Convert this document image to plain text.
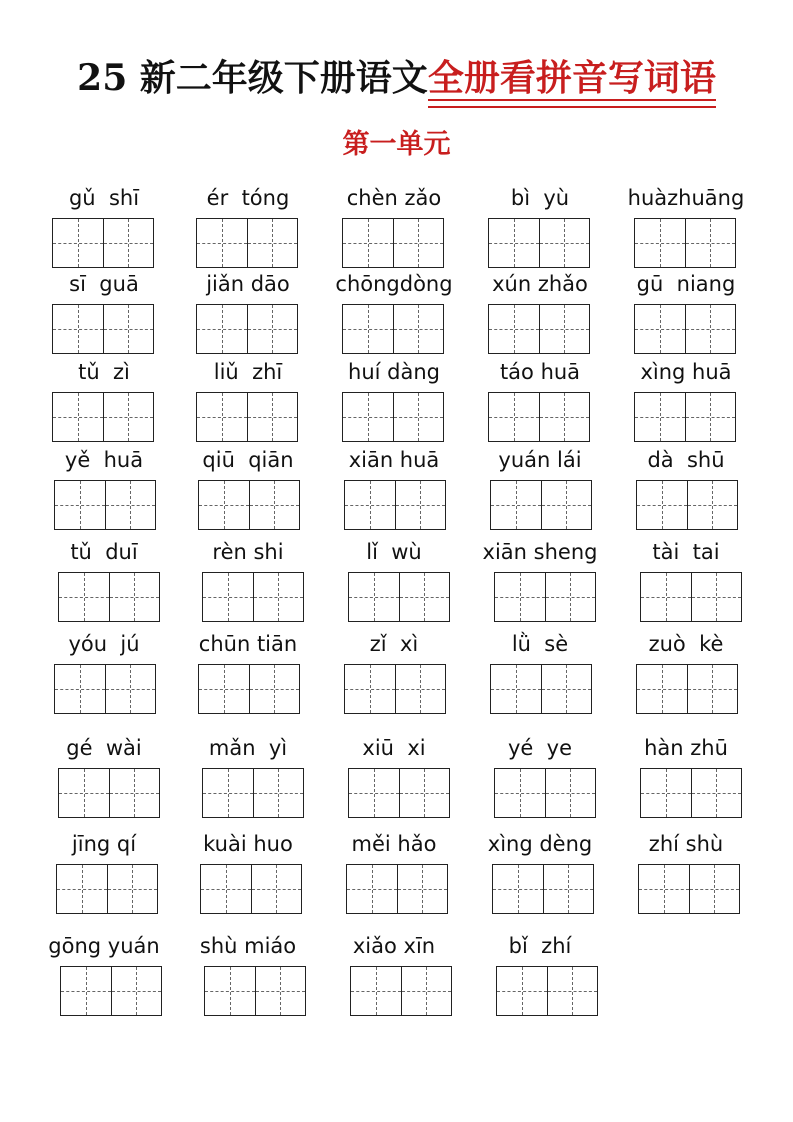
25 新二年级下册语文全册看拼音写词语
第一单元
gǔ  shī	ér  tóng	chèn zǎo	bì  yù	huàzhuāng
sī  guā	jiǎn dāo	chōngdòng	xún zhǎo	gū  niang
tǔ  zì	liǔ  zhī	huí dàng	táo huā	xìng huā
yě  huā	qiū  qiān	xiān huā	yuán lái	dà  shū
tǔ  duī	rèn shi	lǐ  wù	xiān sheng	tài  tai
yóu  jú	chūn tiān	zǐ  xì	lǜ  sè	zuò  kè
gé  wài	mǎn  yì	xiū  xi	yé  ye	hàn zhū
jīng qí	kuài huo	měi hǎo	xìng dèng	zhí shù
gōng yuán	shù miáo	xiǎo xīn	bǐ  zhí
